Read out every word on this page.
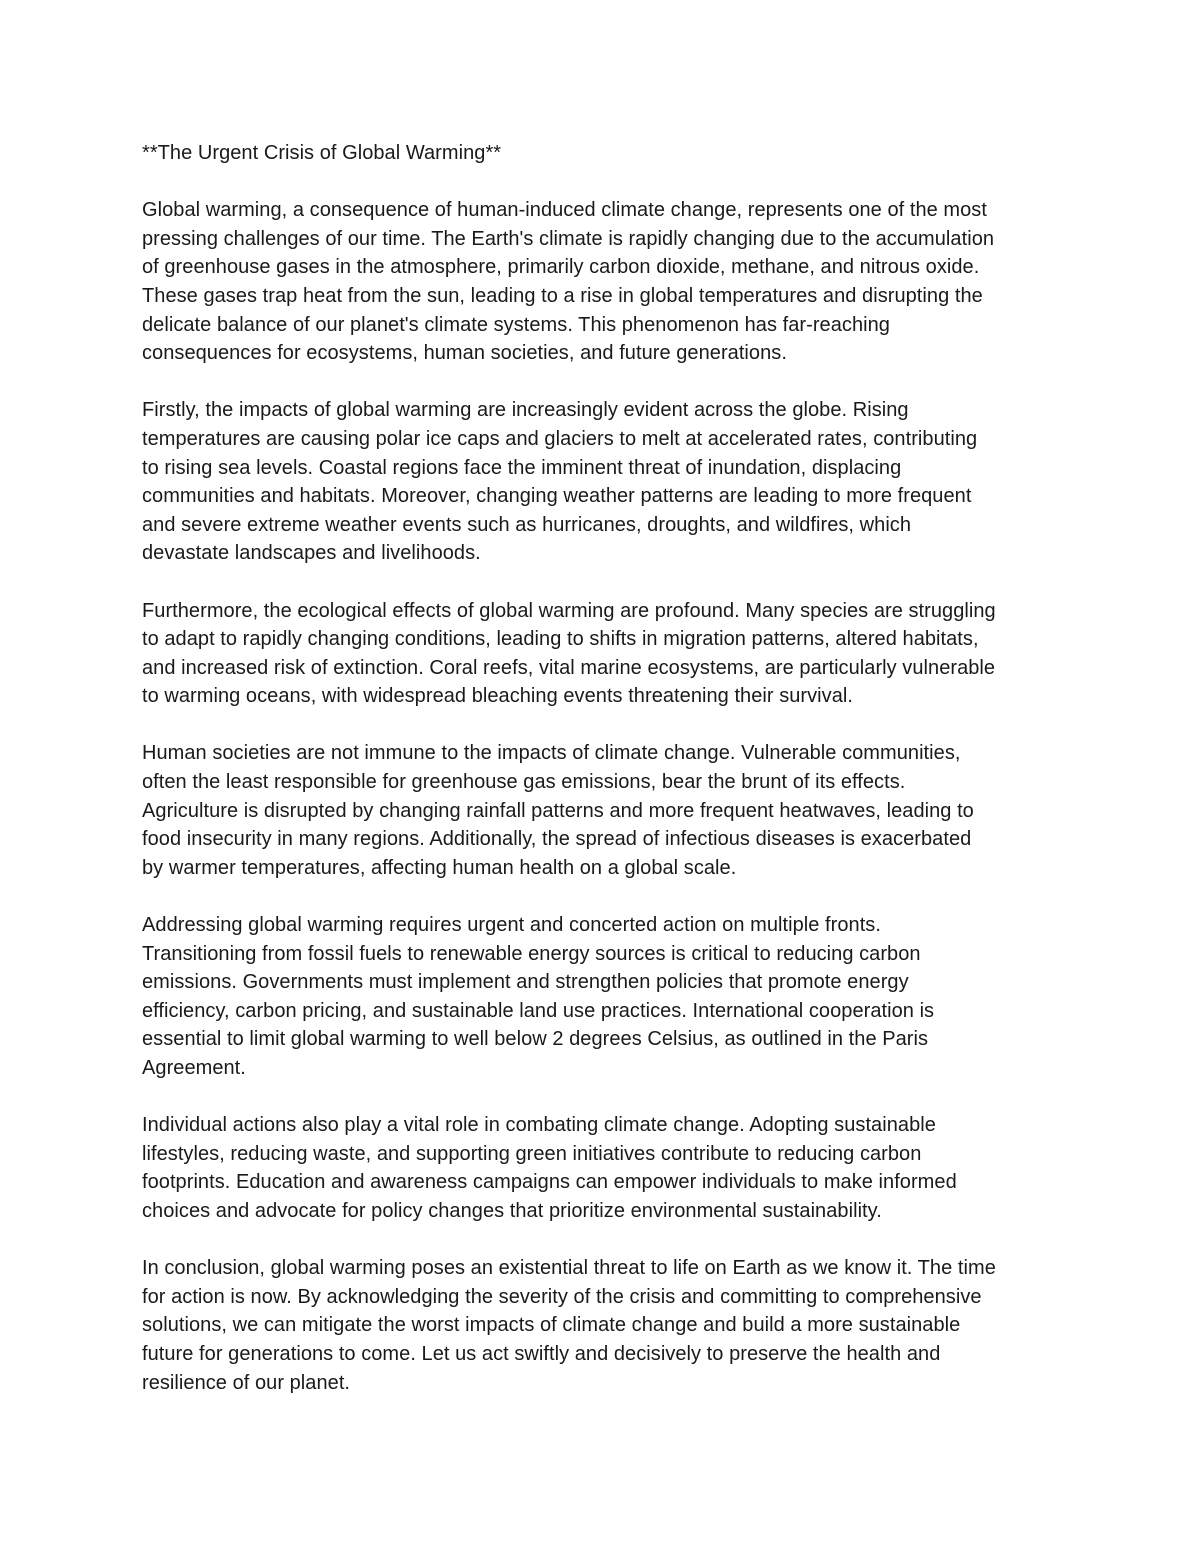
**The Urgent Crisis of Global Warming**
Global warming, a consequence of human-induced climate change, represents one of the most
pressing challenges of our time. The Earth's climate is rapidly changing due to the accumulation
of greenhouse gases in the atmosphere, primarily carbon dioxide, methane, and nitrous oxide.
These gases trap heat from the sun, leading to a rise in global temperatures and disrupting the
delicate balance of our planet's climate systems. This phenomenon has far-reaching
consequences for ecosystems, human societies, and future generations.
Firstly, the impacts of global warming are increasingly evident across the globe. Rising
temperatures are causing polar ice caps and glaciers to melt at accelerated rates, contributing
to rising sea levels. Coastal regions face the imminent threat of inundation, displacing
communities and habitats. Moreover, changing weather patterns are leading to more frequent
and severe extreme weather events such as hurricanes, droughts, and wildfires, which
devastate landscapes and livelihoods.
Furthermore, the ecological effects of global warming are profound. Many species are struggling
to adapt to rapidly changing conditions, leading to shifts in migration patterns, altered habitats,
and increased risk of extinction. Coral reefs, vital marine ecosystems, are particularly vulnerable
to warming oceans, with widespread bleaching events threatening their survival.
Human societies are not immune to the impacts of climate change. Vulnerable communities,
often the least responsible for greenhouse gas emissions, bear the brunt of its effects.
Agriculture is disrupted by changing rainfall patterns and more frequent heatwaves, leading to
food insecurity in many regions. Additionally, the spread of infectious diseases is exacerbated
by warmer temperatures, affecting human health on a global scale.
Addressing global warming requires urgent and concerted action on multiple fronts.
Transitioning from fossil fuels to renewable energy sources is critical to reducing carbon
emissions. Governments must implement and strengthen policies that promote energy
efficiency, carbon pricing, and sustainable land use practices. International cooperation is
essential to limit global warming to well below 2 degrees Celsius, as outlined in the Paris
Agreement.
Individual actions also play a vital role in combating climate change. Adopting sustainable
lifestyles, reducing waste, and supporting green initiatives contribute to reducing carbon
footprints. Education and awareness campaigns can empower individuals to make informed
choices and advocate for policy changes that prioritize environmental sustainability.
In conclusion, global warming poses an existential threat to life on Earth as we know it. The time
for action is now. By acknowledging the severity of the crisis and committing to comprehensive
solutions, we can mitigate the worst impacts of climate change and build a more sustainable
future for generations to come. Let us act swiftly and decisively to preserve the health and
resilience of our planet.
